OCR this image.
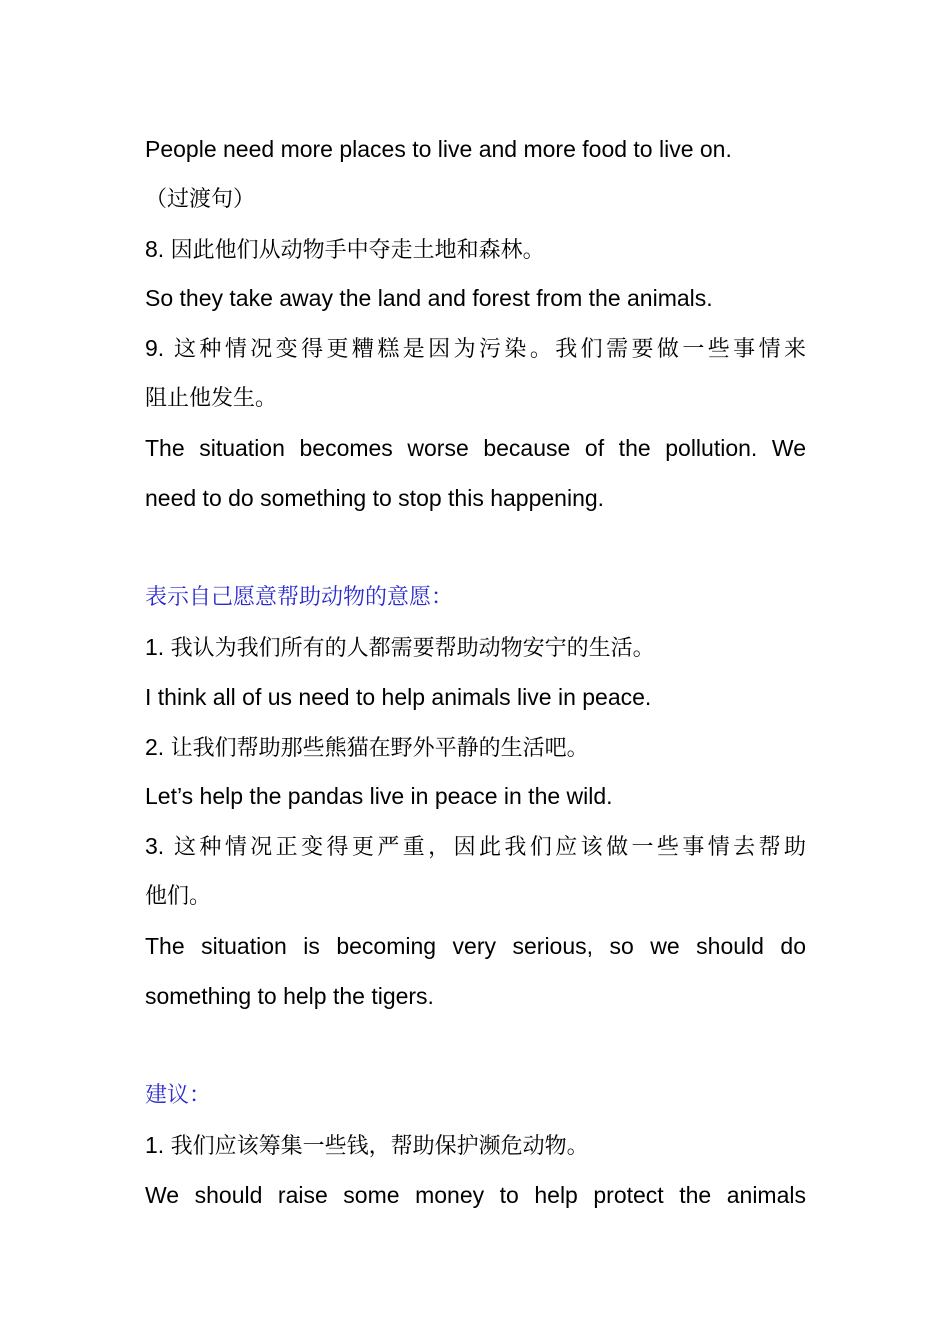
People need more places to live and more food to live on.
（过渡句）
8. 因此他们从动物手中夺走土地和森林。
So they take away the land and forest from the animals.
9. 这种情况变得更糟糕是因为污染。我们需要做一些事情来
阻止他发生。
The situation becomes worse because of the pollution. We
need to do something to stop this happening.
表示自己愿意帮助动物的意愿：
1. 我认为我们所有的人都需要帮助动物安宁的生活。
I think all of us need to help animals live in peace.
2. 让我们帮助那些熊猫在野外平静的生活吧。
Let’s help the pandas live in peace in the wild.
3. 这种情况正变得更严重，因此我们应该做一些事情去帮助
他们。
The situation is becoming very serious, so we should do
something to help the tigers.
建议：
1. 我们应该筹集一些钱，帮助保护濒危动物。
We should raise some money to help protect the animals
